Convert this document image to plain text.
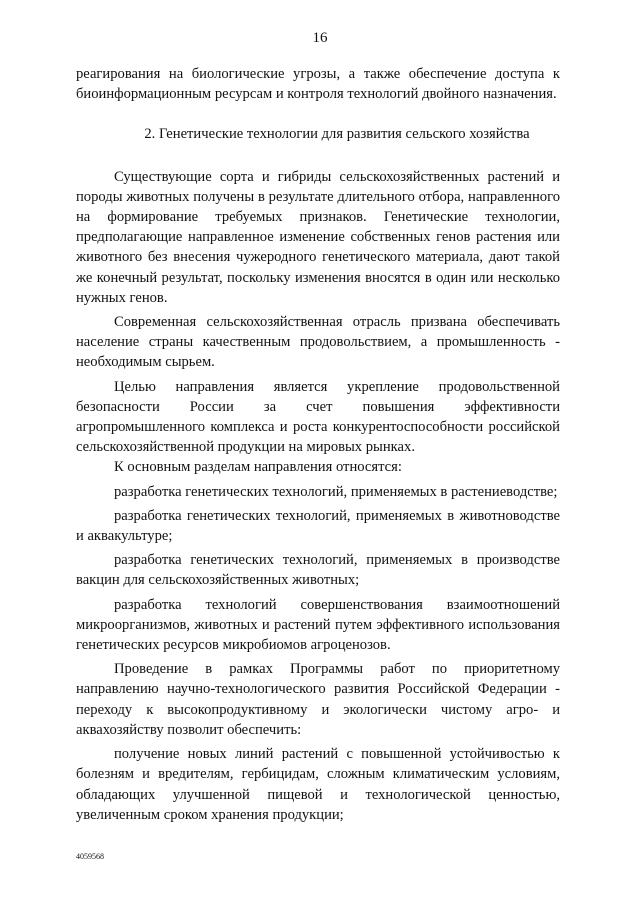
16

реагирования на биологические угрозы, а также обеспечение доступа к биоинформационным ресурсам и контроля технологий двойного назначения.

2. Генетические технологии для развития сельского хозяйства

Существующие сорта и гибриды сельскохозяйственных растений и породы животных получены в результате длительного отбора, направленного на формирование требуемых признаков. Генетические технологии, предполагающие направленное изменение собственных генов растения или животного без внесения чужеродного генетического материала, дают такой же конечный результат, поскольку изменения вносятся в один или несколько нужных генов.

Современная сельскохозяйственная отрасль призвана обеспечивать население страны качественным продовольствием, а промышленность - необходимым сырьем.

Целью направления является укрепление продовольственной безопасности России за счет повышения эффективности агропромышленного комплекса и роста конкурентоспособности российской сельскохозяйственной продукции на мировых рынках.

К основным разделам направления относятся:

разработка генетических технологий, применяемых в растениеводстве;

разработка генетических технологий, применяемых в животноводстве и аквакультуре;

разработка генетических технологий, применяемых в производстве вакцин для сельскохозяйственных животных;

разработка технологий совершенствования взаимоотношений микроорганизмов, животных и растений путем эффективного использования генетических ресурсов микробиомов агроценозов.

Проведение в рамках Программы работ по приоритетному направлению научно-технологического развития Российской Федерации - переходу к высокопродуктивному и экологически чистому агро- и аквахозяйству позволит обеспечить:

получение новых линий растений с повышенной устойчивостью к болезням и вредителям, гербицидам, сложным климатическим условиям, обладающих улучшенной пищевой и технологической ценностью, увеличенным сроком хранения продукции;

4059568
